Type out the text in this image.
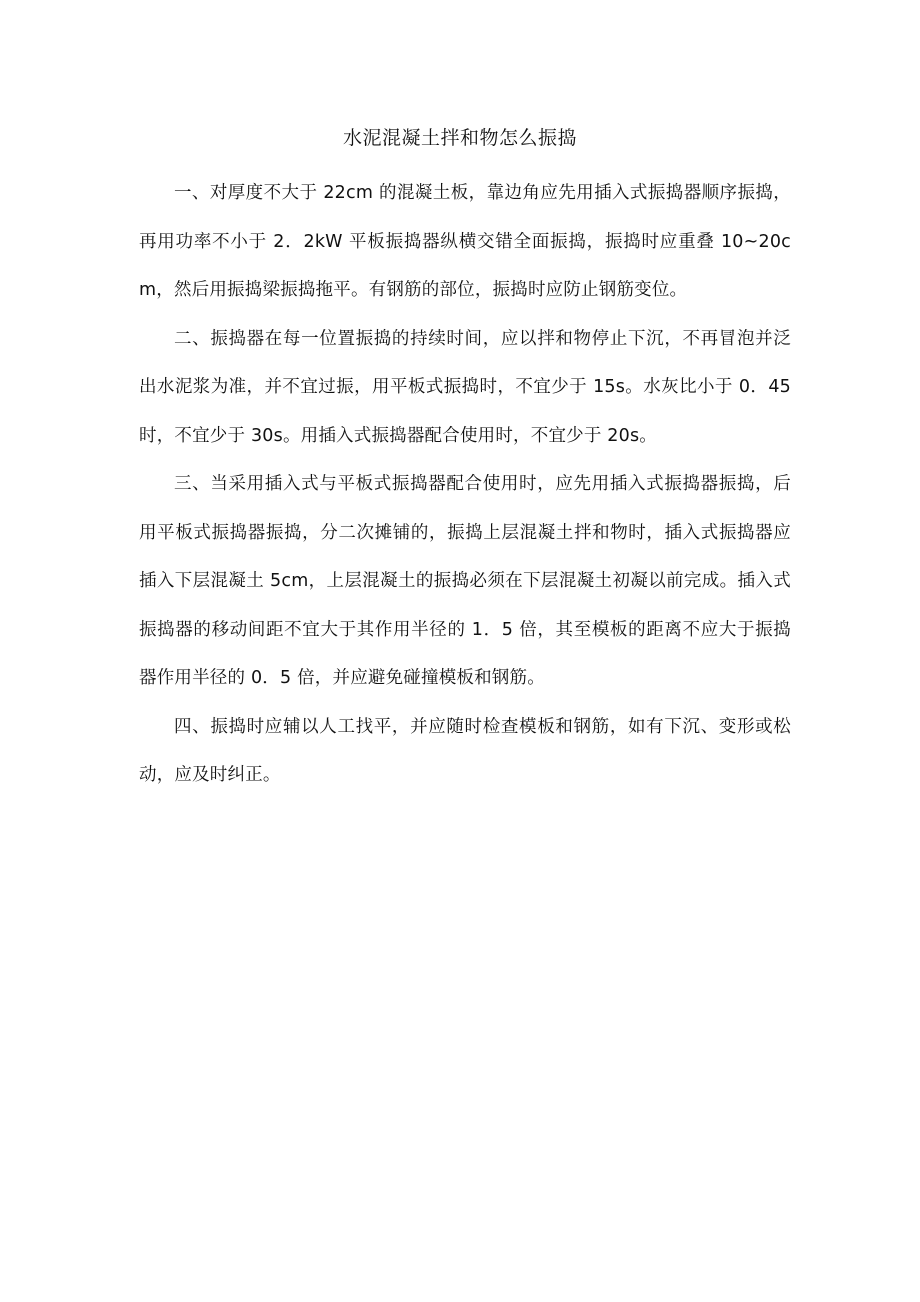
水泥混凝土拌和物怎么振捣

一、对厚度不大于 22cm 的混凝土板，靠边角应先用插入式振捣器顺序振捣，再用功率不小于 2．2kW 平板振捣器纵横交错全面振捣，振捣时应重叠 10~20cm，然后用振捣梁振捣拖平。有钢筋的部位，振捣时应防止钢筋变位。

二、振捣器在每一位置振捣的持续时间，应以拌和物停止下沉，不再冒泡并泛出水泥浆为准，并不宜过振，用平板式振捣时，不宜少于 15s。水灰比小于 0．45 时，不宜少于 30s。用插入式振捣器配合使用时，不宜少于 20s。

三、当采用插入式与平板式振捣器配合使用时，应先用插入式振捣器振捣，后用平板式振捣器振捣，分二次摊铺的，振捣上层混凝土拌和物时，插入式振捣器应插入下层混凝土 5cm，上层混凝土的振捣必须在下层混凝土初凝以前完成。插入式振捣器的移动间距不宜大于其作用半径的 1．5 倍，其至模板的距离不应大于振捣器作用半径的 0．5 倍，并应避免碰撞模板和钢筋。

四、振捣时应辅以人工找平，并应随时检查模板和钢筋，如有下沉、变形或松动，应及时纠正。
